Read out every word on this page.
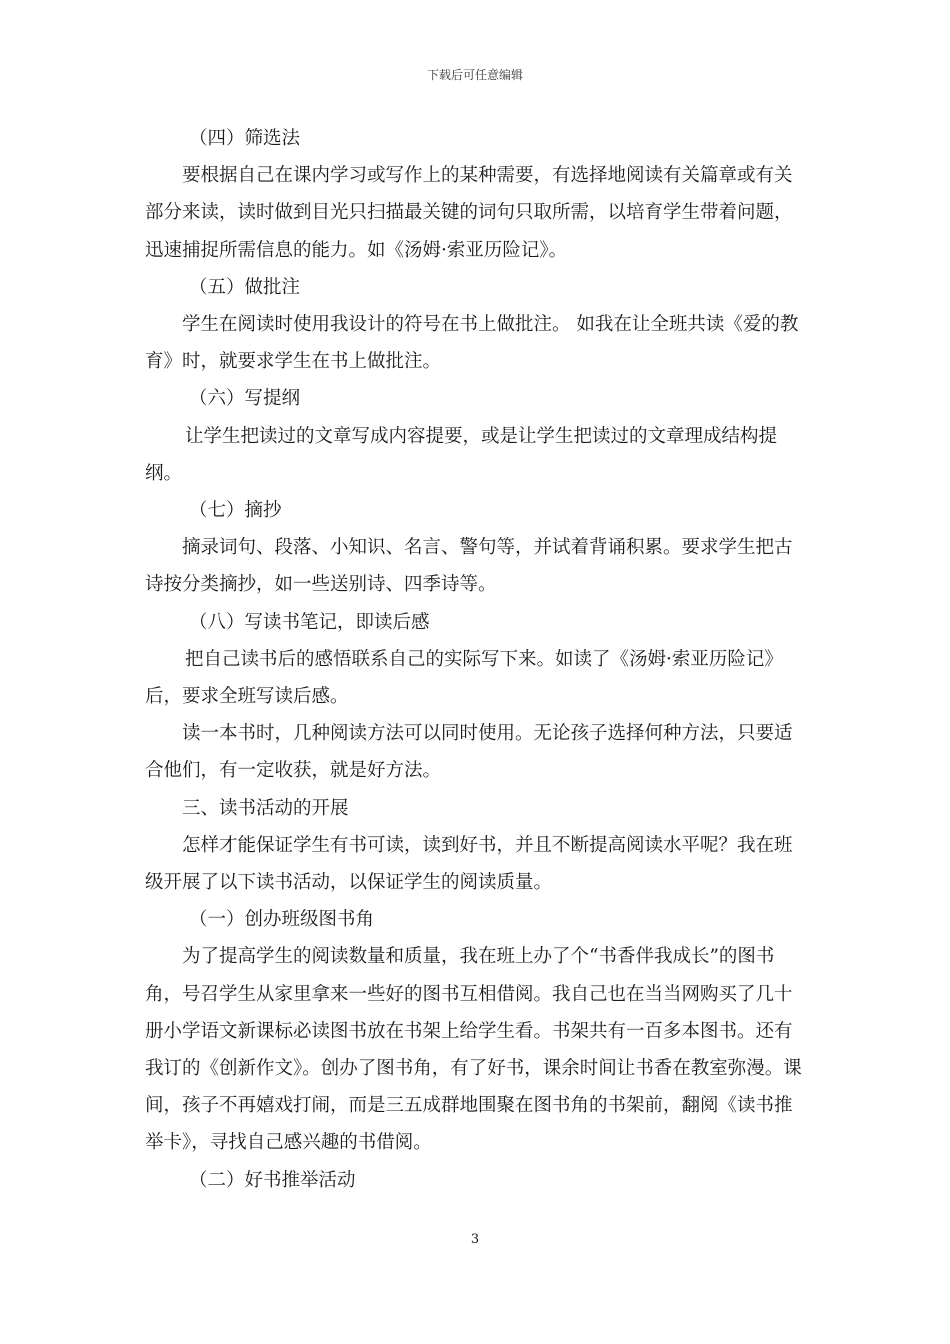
下载后可任意编辑

（四）筛选法

要根据自己在课内学习或写作上的某种需要，有选择地阅读有关篇章或有关部分来读，读时做到目光只扫描最关键的词句只取所需，以培育学生带着问题，迅速捕捉所需信息的能力。如《汤姆·索亚历险记》。

（五）做批注

学生在阅读时使用我设计的符号在书上做批注。 如我在让全班共读《爱的教育》时，就要求学生在书上做批注。

（六）写提纲

让学生把读过的文章写成内容提要，或是让学生把读过的文章理成结构提纲。

（七）摘抄

摘录词句、段落、小知识、名言、警句等，并试着背诵积累。要求学生把古诗按分类摘抄，如一些送别诗、四季诗等。

（八）写读书笔记，即读后感

把自己读书后的感悟联系自己的实际写下来。如读了《汤姆·索亚历险记》后，要求全班写读后感。

读一本书时，几种阅读方法可以同时使用。无论孩子选择何种方法，只要适合他们，有一定收获，就是好方法。

三、读书活动的开展

怎样才能保证学生有书可读，读到好书，并且不断提高阅读水平呢？我在班级开展了以下读书活动，以保证学生的阅读质量。

（一）创办班级图书角

为了提高学生的阅读数量和质量，我在班上办了个“书香伴我成长”的图书角，号召学生从家里拿来一些好的图书互相借阅。我自己也在当当网购买了几十册小学语文新课标必读图书放在书架上给学生看。书架共有一百多本图书。还有我订的《创新作文》。创办了图书角，有了好书，课余时间让书香在教室弥漫。课间，孩子不再嬉戏打闹，而是三五成群地围聚在图书角的书架前，翻阅《读书推举卡》，寻找自己感兴趣的书借阅。

（二）好书推举活动

3
